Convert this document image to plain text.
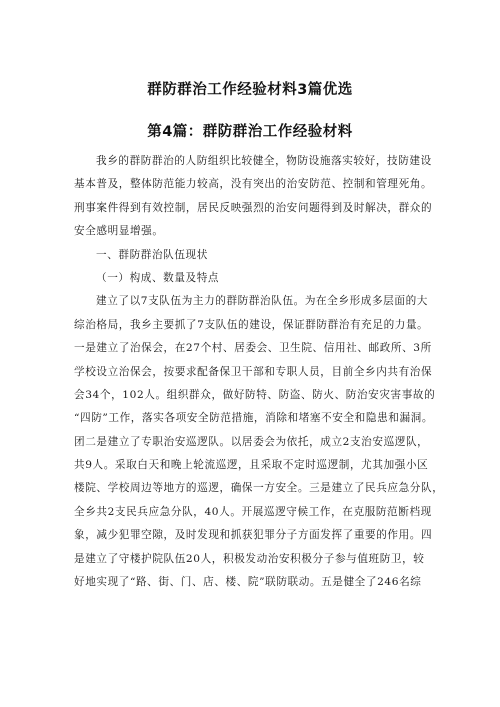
群防群治工作经验材料3篇优选
第4篇：群防群治工作经验材料

我乡的群防群治的人防组织比较健全，物防设施落实较好，技防建设

基本普及，整体防范能力较高，没有突出的治安防范、控制和管理死角。

刑事案件得到有效控制，居民反映强烈的治安问题得到及时解决，群众的

安全感明显增强。

一、群防群治队伍现状

（一）构成、数量及特点

建立了以7支队伍为主力的群防群治队伍。为在全乡形成多层面的大

综治格局，我乡主要抓了7支队伍的建设，保证群防群治有充足的力量。

一是建立了治保会，在27个村、居委会、卫生院、信用社、邮政所、3所

学校设立治保会，按要求配备保卫干部和专职人员，目前全乡内共有治保

会34个，102人。组织群众，做好防特、防盗、防火、防治安灾害事故的

“四防”工作，落实各项安全防范措施，消除和堵塞不安全和隐患和漏洞。

团二是建立了专职治安巡逻队。以居委会为依托，成立2支治安巡逻队，

共9人。采取白天和晚上轮流巡逻，且采取不定时巡逻制，尤其加强小区

楼院、学校周边等地方的巡逻，确保一方安全。三是建立了民兵应急分队，

全乡共2支民兵应急分队，40人。开展巡逻守候工作，在克服防范断档现

象，减少犯罪空隙，及时发现和抓获犯罪分子方面发挥了重要的作用。四

是建立了守楼护院队伍20人，积极发动治安积极分子参与值班防卫，较

好地实现了“路、街、门、店、楼、院”联防联动。五是健全了246名综
